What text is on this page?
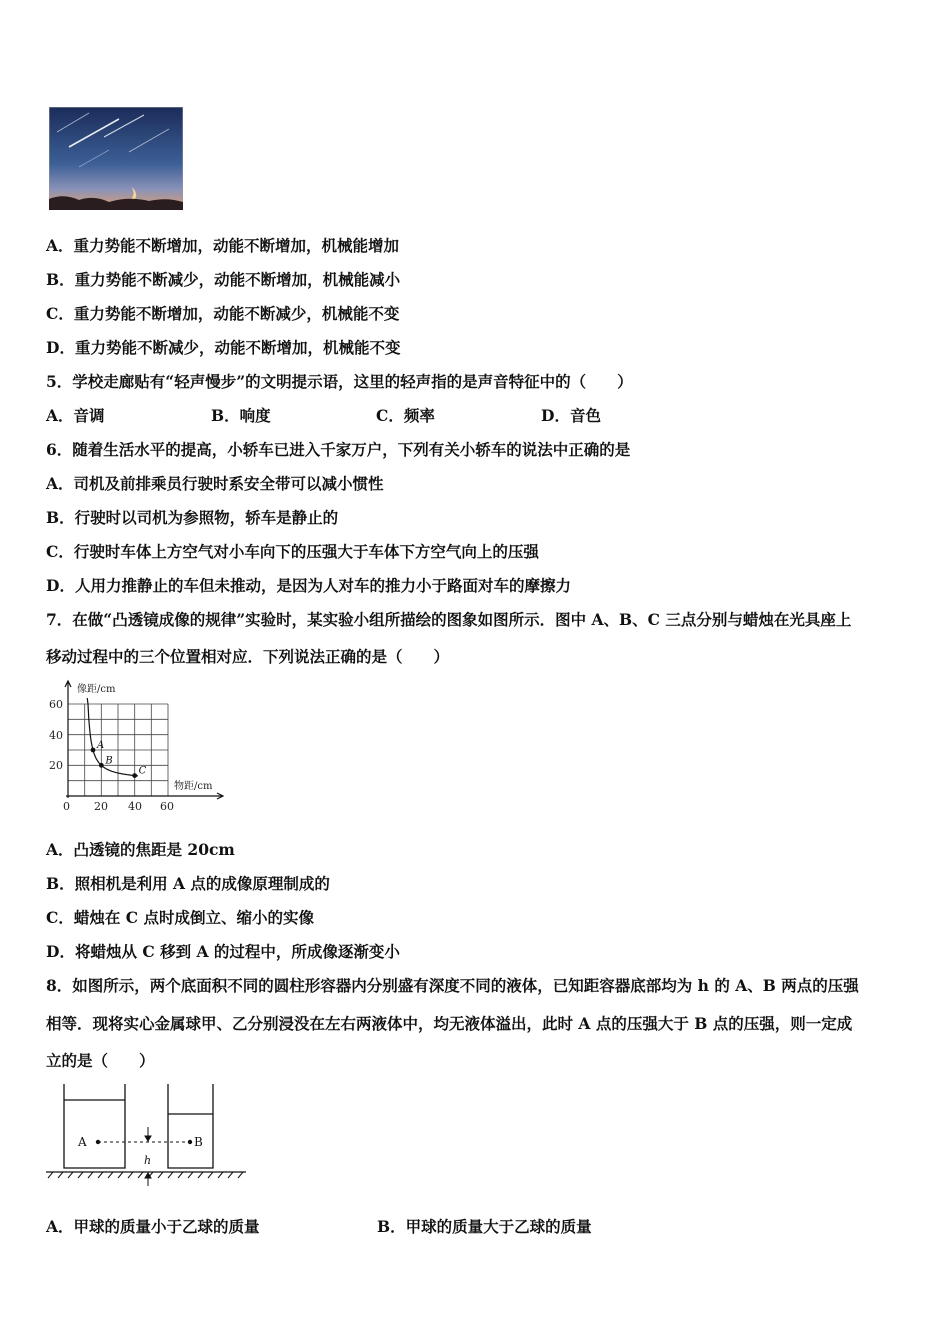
A．重力势能不断增加，动能不断增加，机械能增加
B．重力势能不断减少，动能不断增加，机械能减小
C．重力势能不断增加，动能不断减少，机械能不变
D．重力势能不断减少，动能不断增加，机械能不变
5．学校走廊贴有“轻声慢步”的文明提示语，这里的轻声指的是声音特征中的（　　）
A．音调	B．响度	C．频率	D．音色
6．随着生活水平的提高，小轿车已进入千家万户，下列有关小轿车的说法中正确的是
A．司机及前排乘员行驶时系安全带可以减小惯性
B．行驶时以司机为参照物，轿车是静止的
C．行驶时车体上方空气对小车向下的压强大于车体下方空气向上的压强
D．人用力推静止的车但未推动，是因为人对车的推力小于路面对车的摩擦力
7．在做“凸透镜成像的规律”实验时，某实验小组所描绘的图象如图所示．图中 A、B、C 三点分别与蜡烛在光具座上
移动过程中的三个位置相对应．下列说法正确的是（　　）
A
B
C
像距/cm
物距/cm
60
40
20
0 20 40 60
A．凸透镜的焦距是 20cm
B．照相机是利用 A 点的成像原理制成的
C．蜡烛在 C 点时成倒立、缩小的实像
D．将蜡烛从 C 移到 A 的过程中，所成像逐渐变小
8．如图所示，两个底面积不同的圆柱形容器内分别盛有深度不同的液体，已知距容器底部均为 h 的 A、B 两点的压强
相等．现将实心金属球甲、乙分别浸没在左右两液体中，均无液体溢出，此时 A 点的压强大于 B 点的压强，则一定成
立的是（　　）
A	B
h
A．甲球的质量小于乙球的质量	B．甲球的质量大于乙球的质量
